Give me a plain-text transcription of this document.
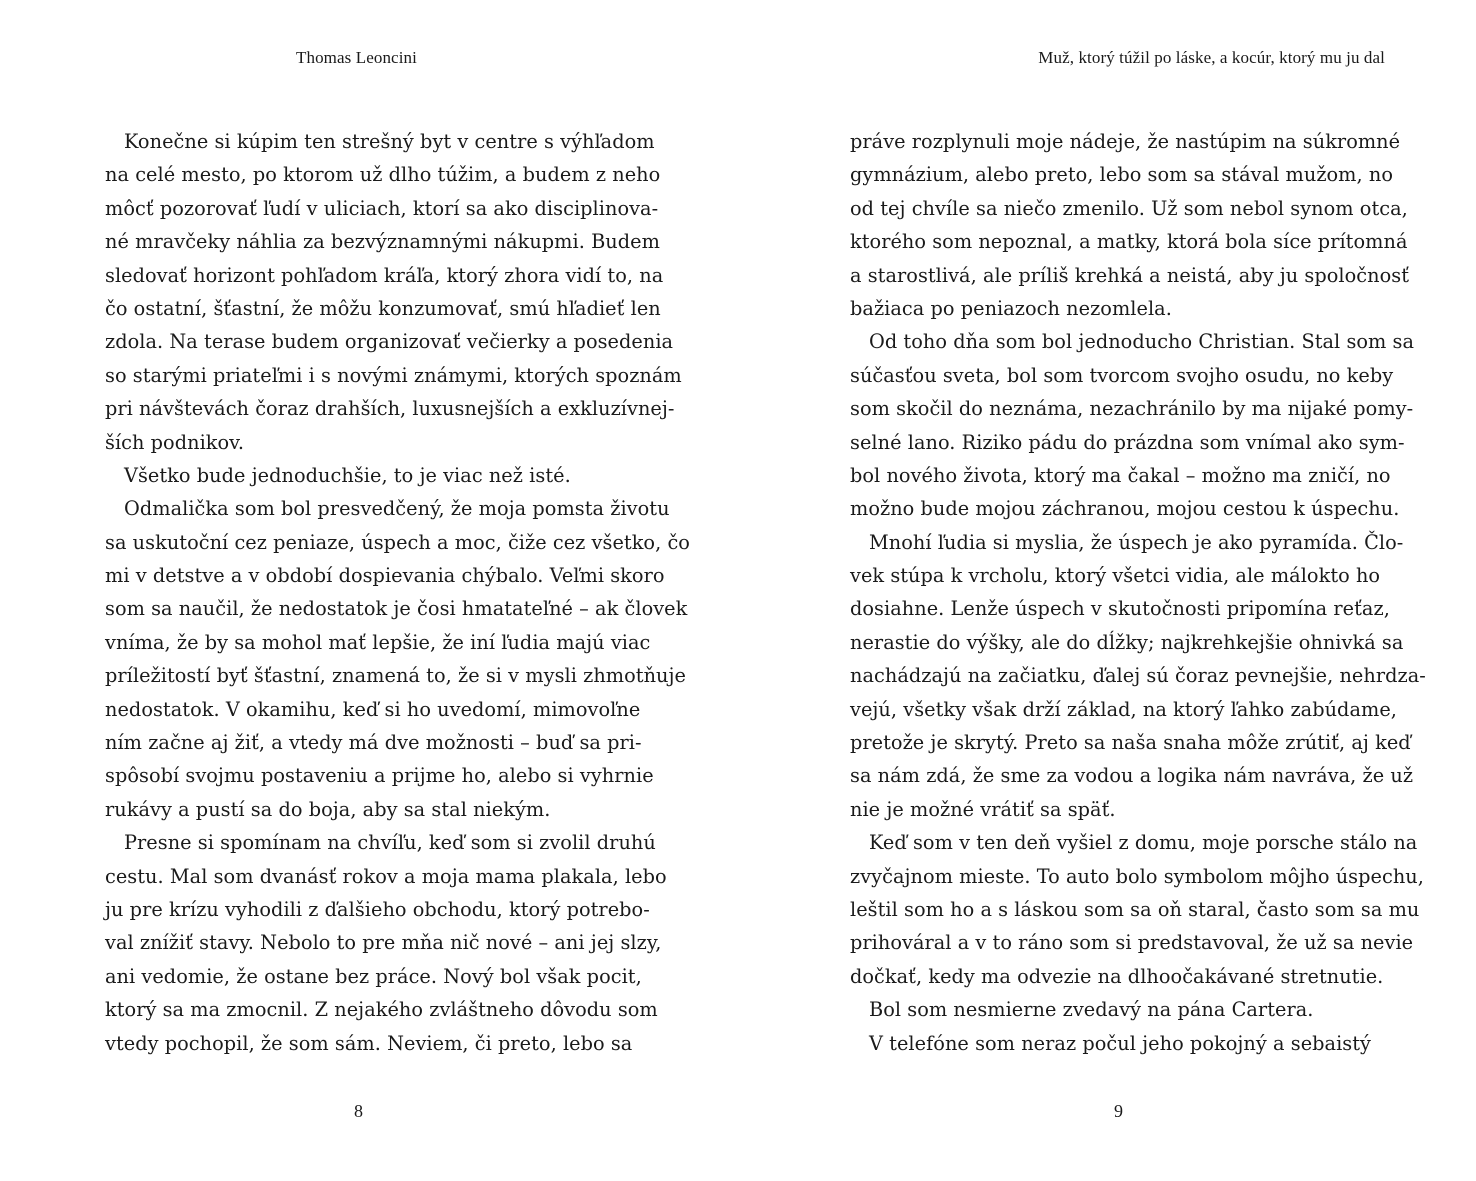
Thomas Leoncini
Konečne si kúpim ten strešný byt v centre s výhľadom
na celé mesto, po ktorom už dlho túžim, a budem z neho
môcť pozorovať ľudí v uliciach, ktorí sa ako disciplinova-
né mravčeky náhlia za bezvýznamnými nákupmi. Budem
sledovať horizont pohľadom kráľa, ktorý zhora vidí to, na
čo ostatní, šťastní, že môžu konzumovať, smú hľadieť len
zdola. Na terase budem organizovať večierky a posedenia
so starými priateľmi i s novými známymi, ktorých spoznám
pri návštevách čoraz drahších, luxusnejších a exkluzívnej-
ších podnikov.
Všetko bude jednoduchšie, to je viac než isté.
Odmalička som bol presvedčený, že moja pomsta životu
sa uskutoční cez peniaze, úspech a moc, čiže cez všetko, čo
mi v detstve a v období dospievania chýbalo. Veľmi skoro
som sa naučil, že nedostatok je čosi hmatateľné – ak človek
vníma, že by sa mohol mať lepšie, že iní ľudia majú viac
príležitostí byť šťastní, znamená to, že si v mysli zhmotňuje
nedostatok. V okamihu, keď si ho uvedomí, mimovoľne
ním začne aj žiť, a vtedy má dve možnosti – buď sa pri-
spôsobí svojmu postaveniu a prijme ho, alebo si vyhrnie
rukávy a pustí sa do boja, aby sa stal niekým.
Presne si spomínam na chvíľu, keď som si zvolil druhú
cestu. Mal som dvanásť rokov a moja mama plakala, lebo
ju pre krízu vyhodili z ďalšieho obchodu, ktorý potrebo-
val znížiť stavy. Nebolo to pre mňa nič nové – ani jej slzy,
ani vedomie, že ostane bez práce. Nový bol však pocit,
ktorý sa ma zmocnil. Z nejakého zvláštneho dôvodu som
vtedy pochopil, že som sám. Neviem, či preto, lebo sa
8
Muž, ktorý túžil po láske, a kocúr, ktorý mu ju dal
práve rozplynuli moje nádeje, že nastúpim na súkromné
gymnázium, alebo preto, lebo som sa stával mužom, no
od tej chvíle sa niečo zmenilo. Už som nebol synom otca,
ktorého som nepoznal, a matky, ktorá bola síce prítomná
a starostlivá, ale príliš krehká a neistá, aby ju spoločnosť
bažiaca po peniazoch nezomlela.
Od toho dňa som bol jednoducho Christian. Stal som sa
súčasťou sveta, bol som tvorcom svojho osudu, no keby
som skočil do neznáma, nezachránilo by ma nijaké pomy-
selné lano. Riziko pádu do prázdna som vnímal ako sym-
bol nového života, ktorý ma čakal – možno ma zničí, no
možno bude mojou záchranou, mojou cestou k úspechu.
Mnohí ľudia si myslia, že úspech je ako pyramída. Člo-
vek stúpa k vrcholu, ktorý všetci vidia, ale málokto ho
dosiahne. Lenže úspech v skutočnosti pripomína reťaz,
nerastie do výšky, ale do dĺžky; najkrehkejšie ohnivká sa
nachádzajú na začiatku, ďalej sú čoraz pevnejšie, nehrdza-
vejú, všetky však drží základ, na ktorý ľahko zabúdame,
pretože je skrytý. Preto sa naša snaha môže zrútiť, aj keď
sa nám zdá, že sme za vodou a logika nám navráva, že už
nie je možné vrátiť sa späť.
Keď som v ten deň vyšiel z domu, moje porsche stálo na
zvyčajnom mieste. To auto bolo symbolom môjho úspechu,
leštil som ho a s láskou som sa oň staral, často som sa mu
prihováral a v to ráno som si predstavoval, že už sa nevie
dočkať, kedy ma odvezie na dlhoočakávané stretnutie.
Bol som nesmierne zvedavý na pána Cartera.
V telefóne som neraz počul jeho pokojný a sebaistý
9
